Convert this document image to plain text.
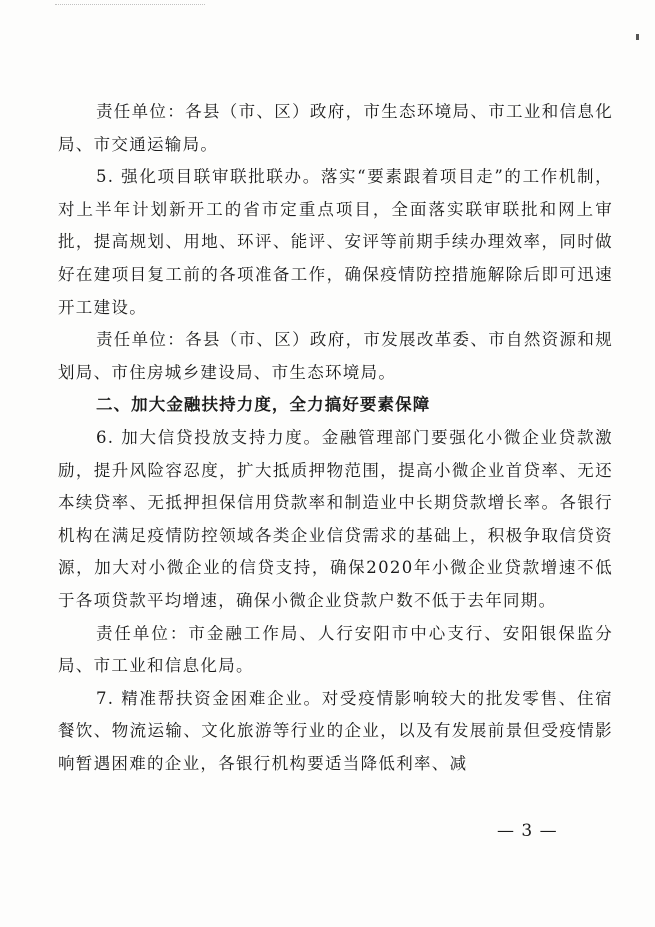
责任单位：各县（市、区）政府，市生态环境局、市工业和信息化局、市交通运输局。

5. 强化项目联审联批联办。落实“要素跟着项目走”的工作机制，对上半年计划新开工的省市定重点项目，全面落实联审联批和网上审批，提高规划、用地、环评、能评、安评等前期手续办理效率，同时做好在建项目复工前的各项准备工作，确保疫情防控措施解除后即可迅速开工建设。

责任单位：各县（市、区）政府，市发展改革委、市自然资源和规划局、市住房城乡建设局、市生态环境局。

二、加大金融扶持力度，全力搞好要素保障

6. 加大信贷投放支持力度。金融管理部门要强化小微企业贷款激励，提升风险容忍度，扩大抵质押物范围，提高小微企业首贷率、无还本续贷率、无抵押担保信用贷款率和制造业中长期贷款增长率。各银行机构在满足疫情防控领域各类企业信贷需求的基础上，积极争取信贷资源，加大对小微企业的信贷支持，确保2020年小微企业贷款增速不低于各项贷款平均增速，确保小微企业贷款户数不低于去年同期。

责任单位：市金融工作局、人行安阳市中心支行、安阳银保监分局、市工业和信息化局。

7. 精准帮扶资金困难企业。对受疫情影响较大的批发零售、住宿餐饮、物流运输、文化旅游等行业的企业，以及有发展前景但受疫情影响暂遇困难的企业，各银行机构要适当降低利率、减

— 3 —
